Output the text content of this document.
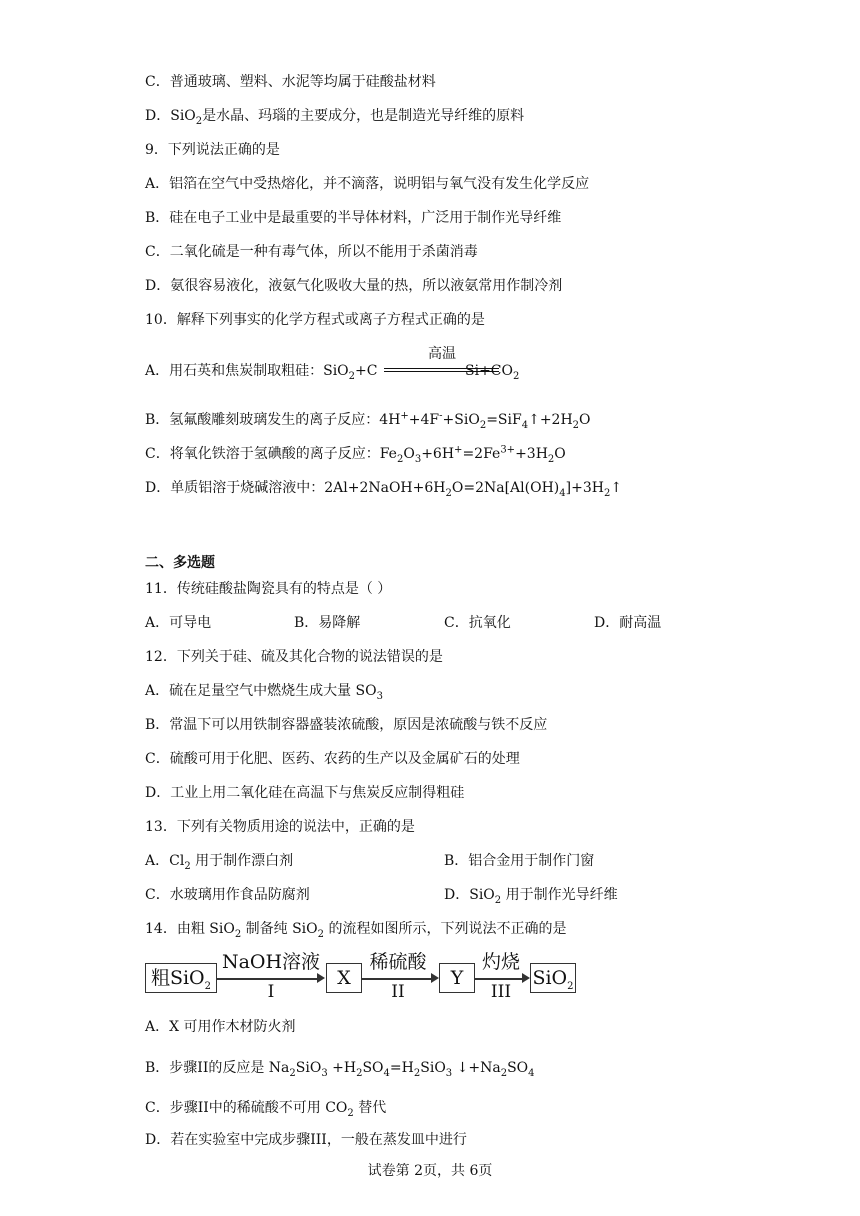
C．普通玻璃、塑料、水泥等均属于硅酸盐材料
D．SiO$_2$是水晶、玛瑙的主要成分，也是制造光导纤维的原料
9．下列说法正确的是
A．铝箔在空气中受热熔化，并不滴落，说明铝与氧气没有发生化学反应
B．硅在电子工业中是最重要的半导体材料，广泛用于制作光导纤维
C．二氧化硫是一种有毒气体，所以不能用于杀菌消毒
D．氨很容易液化，液氨气化吸收大量的热，所以液氨常用作制冷剂
10．解释下列事实的化学方程式或离子方程式正确的是
A．用石英和焦炭制取粗硅：SiO$_2$+C
高温
$Si+CO_2$
B．氢氟酸雕刻玻璃发生的离子反应：$4H^++4F^-+SiO_2=SiF_4↑+2H_2O$
C．将氧化铁溶于氢碘酸的离子反应：$Fe_2O_3+6H^+=2Fe^{3+}+3H_2O$
D．单质铝溶于烧碱溶液中：$2Al+2NaOH+6H_2O=2Na[Al(OH)_4]+3H_2↑$
二、多选题
11．传统硅酸盐陶瓷具有的特点是（ ）
A．可导电	B．易降解	C．抗氧化	D．耐高温
12．下列关于硅、硫及其化合物的说法错误的是
A．硫在足量空气中燃烧生成大量 $SO_3$
B．常温下可以用铁制容器盛装浓硫酸，原因是浓硫酸与铁不反应
C．硫酸可用于化肥、医药、农药的生产以及金属矿石的处理
D．工业上用二氧化硅在高温下与焦炭反应制得粗硅
13．下列有关物质用途的说法中，正确的是
A．$Cl_2$ 用于制作漂白剂	B．铝合金用于制作门窗
C．水玻璃用作食品防腐剂	D．SiO$_2$ 用于制作光导纤维
14．由粗 SiO$_2$ 制备纯 SiO$_2$ 的流程如图所示，下列说法不正确的是
粗SiO$_2$
NaOH溶液
I
X
稀硫酸
II
Y
灼烧
III
SiO$_2$
A．X 可用作木材防火剂
B．步骤II的反应是 $Na_2SiO_3 +H_2SO_4=H_2SiO_3$ $↓+Na_2SO_4$
C．步骤II中的稀硫酸不可用 $CO_2$ 替代
D．若在实验室中完成步骤III，一般在蒸发皿中进行
试卷第 2页，共 6页
